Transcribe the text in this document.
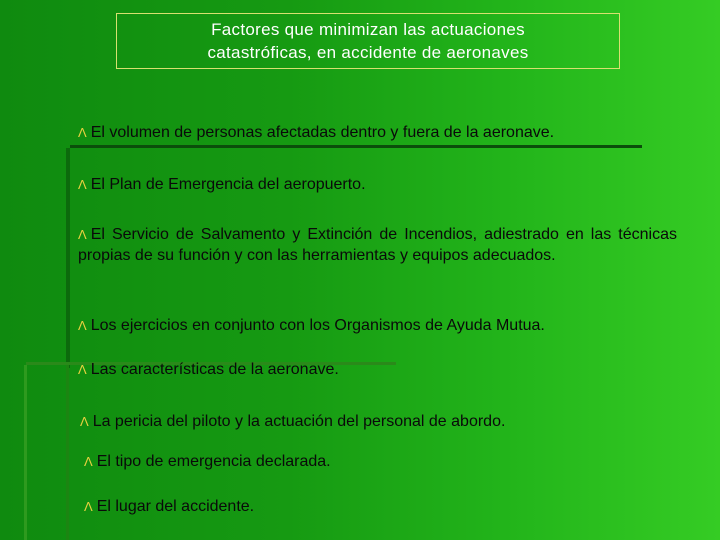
Factores que minimizan las actuaciones
catastróficas, en accidente de aeronaves
Λ El volumen de personas afectadas dentro y fuera de la aeronave.
Λ El Plan de Emergencia del aeropuerto.
Λ El Servicio de Salvamento y Extinción de Incendios, adiestrado en las técnicas propias de su función y con las herramientas y equipos adecuados.
Λ Los ejercicios en conjunto con los Organismos de Ayuda Mutua.
Λ Las características de la aeronave.
Λ La pericia del piloto y la actuación del personal de abordo.
Λ El tipo de emergencia declarada.
Λ El lugar del accidente.
